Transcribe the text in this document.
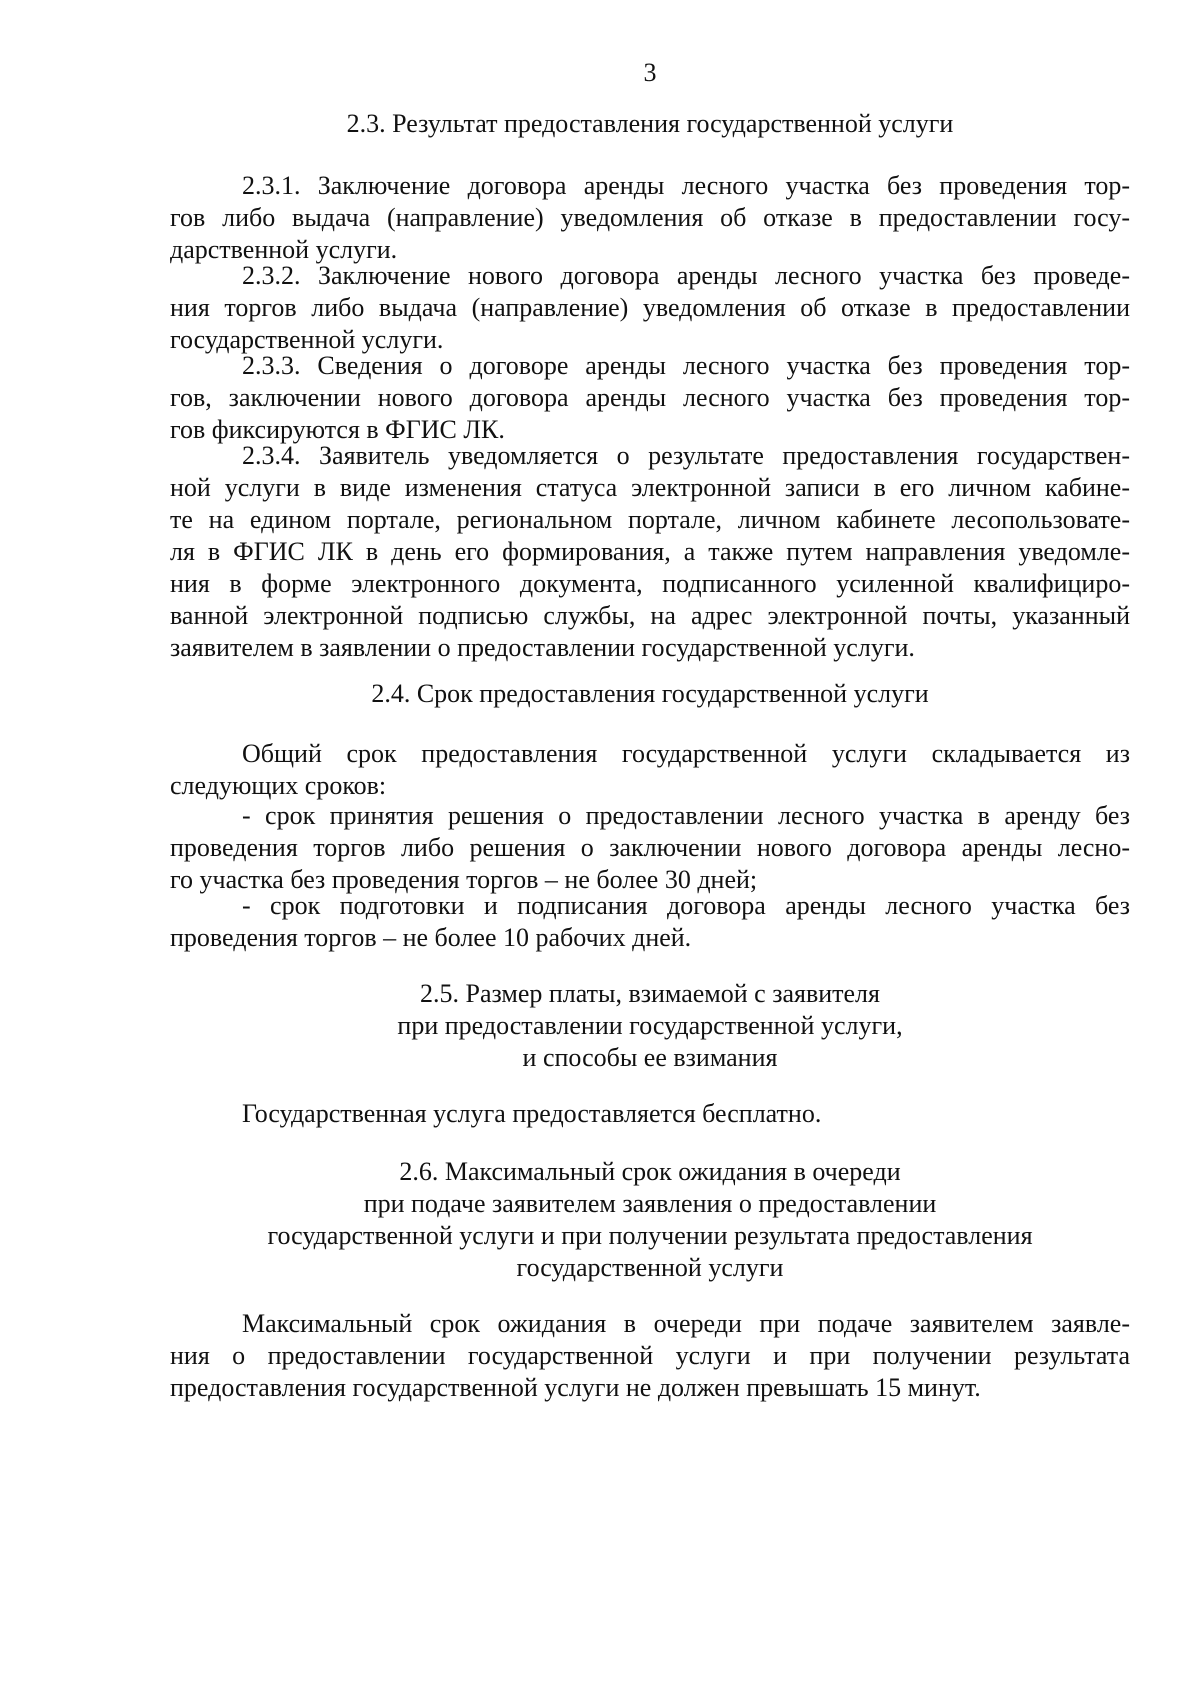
3
2.3. Результат предоставления государственной услуги
2.3.1. Заключение договора аренды лесного участка без проведения тор-
гов либо выдача (направление) уведомления об отказе в предоставлении госу-
дарственной услуги.
2.3.2. Заключение нового договора аренды лесного участка без проведе-
ния торгов либо выдача (направление) уведомления об отказе в предоставлении
государственной услуги.
2.3.3. Сведения о договоре аренды лесного участка без проведения тор-
гов, заключении нового договора аренды лесного участка без проведения тор-
гов фиксируются в ФГИС ЛК.
2.3.4. Заявитель уведомляется о результате предоставления государствен-
ной услуги в виде изменения статуса электронной записи в его личном кабине-
те на едином портале, региональном портале, личном кабинете лесопользовате-
ля в ФГИС ЛК в день его формирования, а также путем направления уведомле-
ния в форме электронного документа, подписанного усиленной квалифициро-
ванной электронной подписью службы, на адрес электронной почты, указанный
заявителем в заявлении о предоставлении государственной услуги.
2.4. Срок предоставления государственной услуги
Общий срок предоставления государственной услуги складывается из
следующих сроков:
- срок принятия решения о предоставлении лесного участка в аренду без
проведения торгов либо решения о заключении нового договора аренды лесно-
го участка без проведения торгов – не более 30 дней;
- срок подготовки и подписания договора аренды лесного участка без
проведения торгов – не более 10 рабочих дней.
2.5. Размер платы, взимаемой с заявителя
при предоставлении государственной услуги,
и способы ее взимания
Государственная услуга предоставляется бесплатно.
2.6. Максимальный срок ожидания в очереди
при подаче заявителем заявления о предоставлении
государственной услуги и при получении результата предоставления
государственной услуги
Максимальный срок ожидания в очереди при подаче заявителем заявле-
ния о предоставлении государственной услуги и при получении результата
предоставления государственной услуги не должен превышать 15 минут.
